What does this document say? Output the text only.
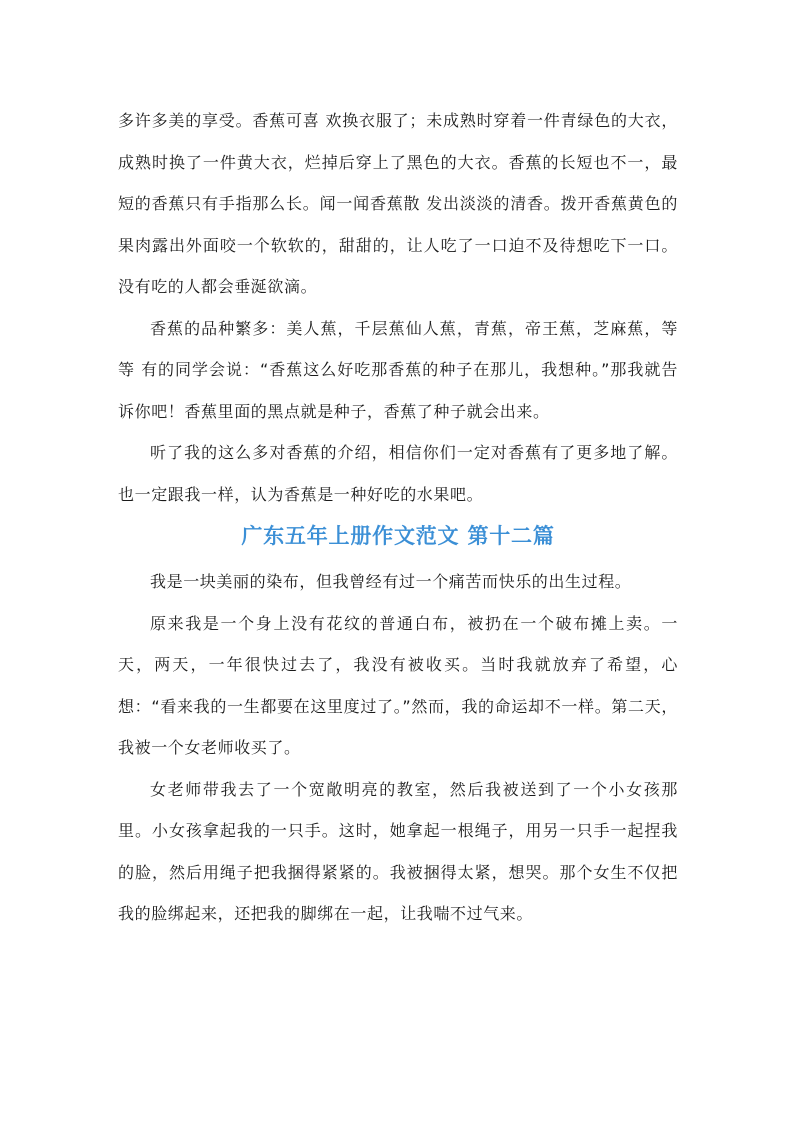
多许多美的享受。香蕉可喜 欢换衣服了；未成熟时穿着一件青绿色的大衣，成熟时换了一件黄大衣，烂掉后穿上了黑色的大衣。香蕉的长短也不一，最短的香蕉只有手指那么长。闻一闻香蕉散 发出淡淡的清香。拨开香蕉黄色的果肉露出外面咬一个软软的，甜甜的，让人吃了一口迫不及待想吃下一口。没有吃的人都会垂涎欲滴。

香蕉的品种繁多：美人蕉，千层蕉仙人蕉，青蕉，帝王蕉，芝麻蕉，等等 有的同学会说：“香蕉这么好吃那香蕉的种子在那儿，我想种。”那我就告诉你吧！香蕉里面的黑点就是种子，香蕉了种子就会出来。

听了我的这么多对香蕉的介绍，相信你们一定对香蕉有了更多地了解。也一定跟我一样，认为香蕉是一种好吃的水果吧。

广东五年上册作文范文 第十二篇

我是一块美丽的染布，但我曾经有过一个痛苦而快乐的出生过程。

原来我是一个身上没有花纹的普通白布，被扔在一个破布摊上卖。一天，两天，一年很快过去了，我没有被收买。当时我就放弃了希望，心想：“看来我的一生都要在这里度过了。”然而，我的命运却不一样。第二天，我被一个女老师收买了。

女老师带我去了一个宽敞明亮的教室，然后我被送到了一个小女孩那里。小女孩拿起我的一只手。这时，她拿起一根绳子，用另一只手一起捏我的脸，然后用绳子把我捆得紧紧的。我被捆得太紧，想哭。那个女生不仅把我的脸绑起来，还把我的脚绑在一起，让我喘不过气来。
